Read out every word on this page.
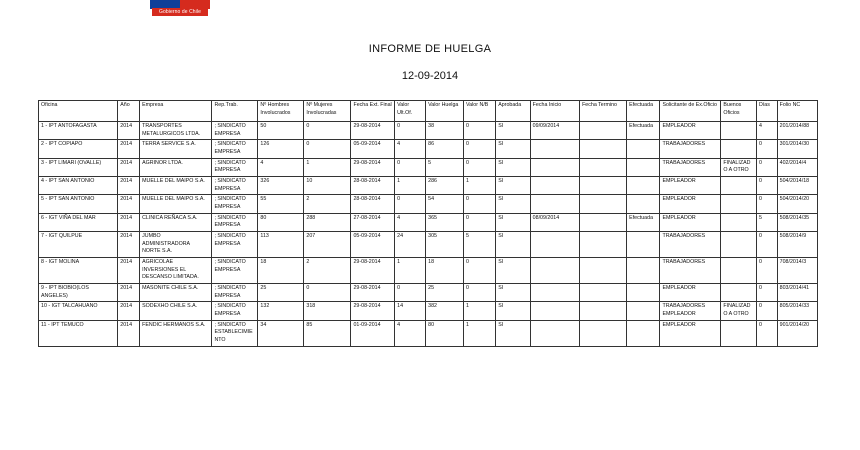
Gobierno de Chile
INFORME DE HUELGA
12-09-2014
Oficina	Año	Empresa	Rep.Trab.	Nº Hombres Involucrados	Nº Mujeres Involucradas	Fecha Ext. Final	Valor Ult.Of.	Valor Huelga	Valor N/B	Aprobada	Fecha Inicio	Fecha Termino	Efectuada	Solicitante de Ex.Oficio	Buenos Oficios	Días	Folio NC
1 - IPT ANTOFAGASTA	2014	TRANSPORTES METALURGICOS LTDA.	; SINDICATO EMPRESA	50	0	29-08-2014	0	38	0	SI	09/09/2014		Efectuada	EMPLEADOR		4	201/2014/88
2 - IPT COPIAPO	2014	TERRA SERVICE S.A.	; SINDICATO EMPRESA	126	0	05-09-2014	4	86	0	SI				TRABAJADORES		0	301/2014/30
3 - IPT LIMARI (OVALLE)	2014	AGRINOR LTDA.	; SINDICATO EMPRESA	4	1	29-08-2014	0	5	0	SI				TRABAJADORES	FINALIZADO A OTRO	0	402/2014/4
4 - IPT SAN ANTONIO	2014	MUELLE DEL MAIPO S.A.	; SINDICATO EMPRESA	326	10	28-08-2014	1	286	1	SI				EMPLEADOR		0	504/2014/18
5 - IPT SAN ANTONIO	2014	MUELLE DEL MAIPO S.A.	; SINDICATO EMPRESA	55	2	28-08-2014	0	54	0	SI				EMPLEADOR		0	504/2014/20
6 - IGT VIÑA DEL MAR	2014	CLINICA REÑACA S.A.	; SINDICATO EMPRESA	80	288	27-08-2014	4	365	0	SI	08/09/2014		Efectuada	EMPLEADOR		5	508/2014/35
7 - IGT QUILPUE	2014	JUMBO ADMINISTRADORA NORTE S.A.	; SINDICATO EMPRESA	113	207	05-09-2014	24	305	5	SI				TRABAJADORES		0	508/2014/9
8 - IGT MOLINA	2014	AGRICOLAE INVERSIONES EL DESCANSO LIMITADA.	; SINDICATO EMPRESA	18	2	29-08-2014	1	18	0	SI				TRABAJADORES		0	708/2014/3
9 - IPT BIOBIO(LOS ANGELES)	2014	MASONITE CHILE S.A.	; SINDICATO EMPRESA	25	0	29-08-2014	0	25	0	SI				EMPLEADOR		0	803/2014/41
10 - IGT TALCAHUANO	2014	SODEXHO CHILE S.A.	; SINDICATO EMPRESA	132	318	29-08-2014	14	382	1	SI				TRABAJADORES EMPLEADOR	FINALIZADO A OTRO	0	805/2014/33
11 - IPT TEMUCO	2014	FENDIC HERMANOS S.A.	; SINDICATO ESTABLECIMIENTO	34	85	01-09-2014	4	80	1	SI				EMPLEADOR		0	901/2014/20
